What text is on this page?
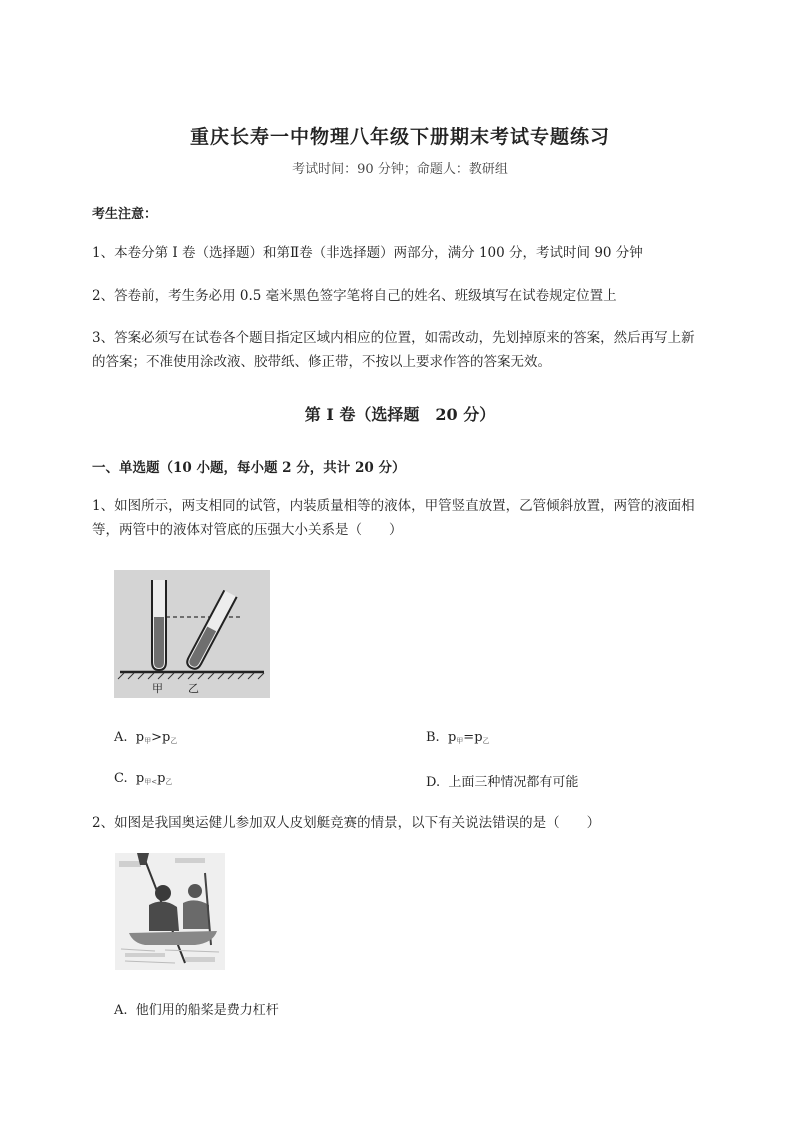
重庆长寿一中物理八年级下册期末考试专题练习
考试时间：90 分钟；命题人：教研组
考生注意：
1、本卷分第 I 卷（选择题）和第Ⅱ卷（非选择题）两部分，满分 100 分，考试时间 90 分钟
2、答卷前，考生务必用 0.5 毫米黑色签字笔将自己的姓名、班级填写在试卷规定位置上
3、答案必须写在试卷各个题目指定区域内相应的位置，如需改动，先划掉原来的答案，然后再写上新的答案；不准使用涂改液、胶带纸、修正带，不按以上要求作答的答案无效。
第 I 卷（选择题　20 分）
一、单选题（10 小题，每小题 2 分，共计 20 分）
1、如图所示，两支相同的试管，内装质量相等的液体，甲管竖直放置，乙管倾斜放置，两管的液面相等，两管中的液体对管底的压强大小关系是（　　）
甲 乙
A. $p_甲>p_乙$	B. $p_甲=p_乙$
C. $p_{甲<}p_乙$	D. 上面三种情况都有可能
2、如图是我国奥运健儿参加双人皮划艇竞赛的情景，以下有关说法错误的是（　　）
A. 他们用的船桨是费力杠杆
